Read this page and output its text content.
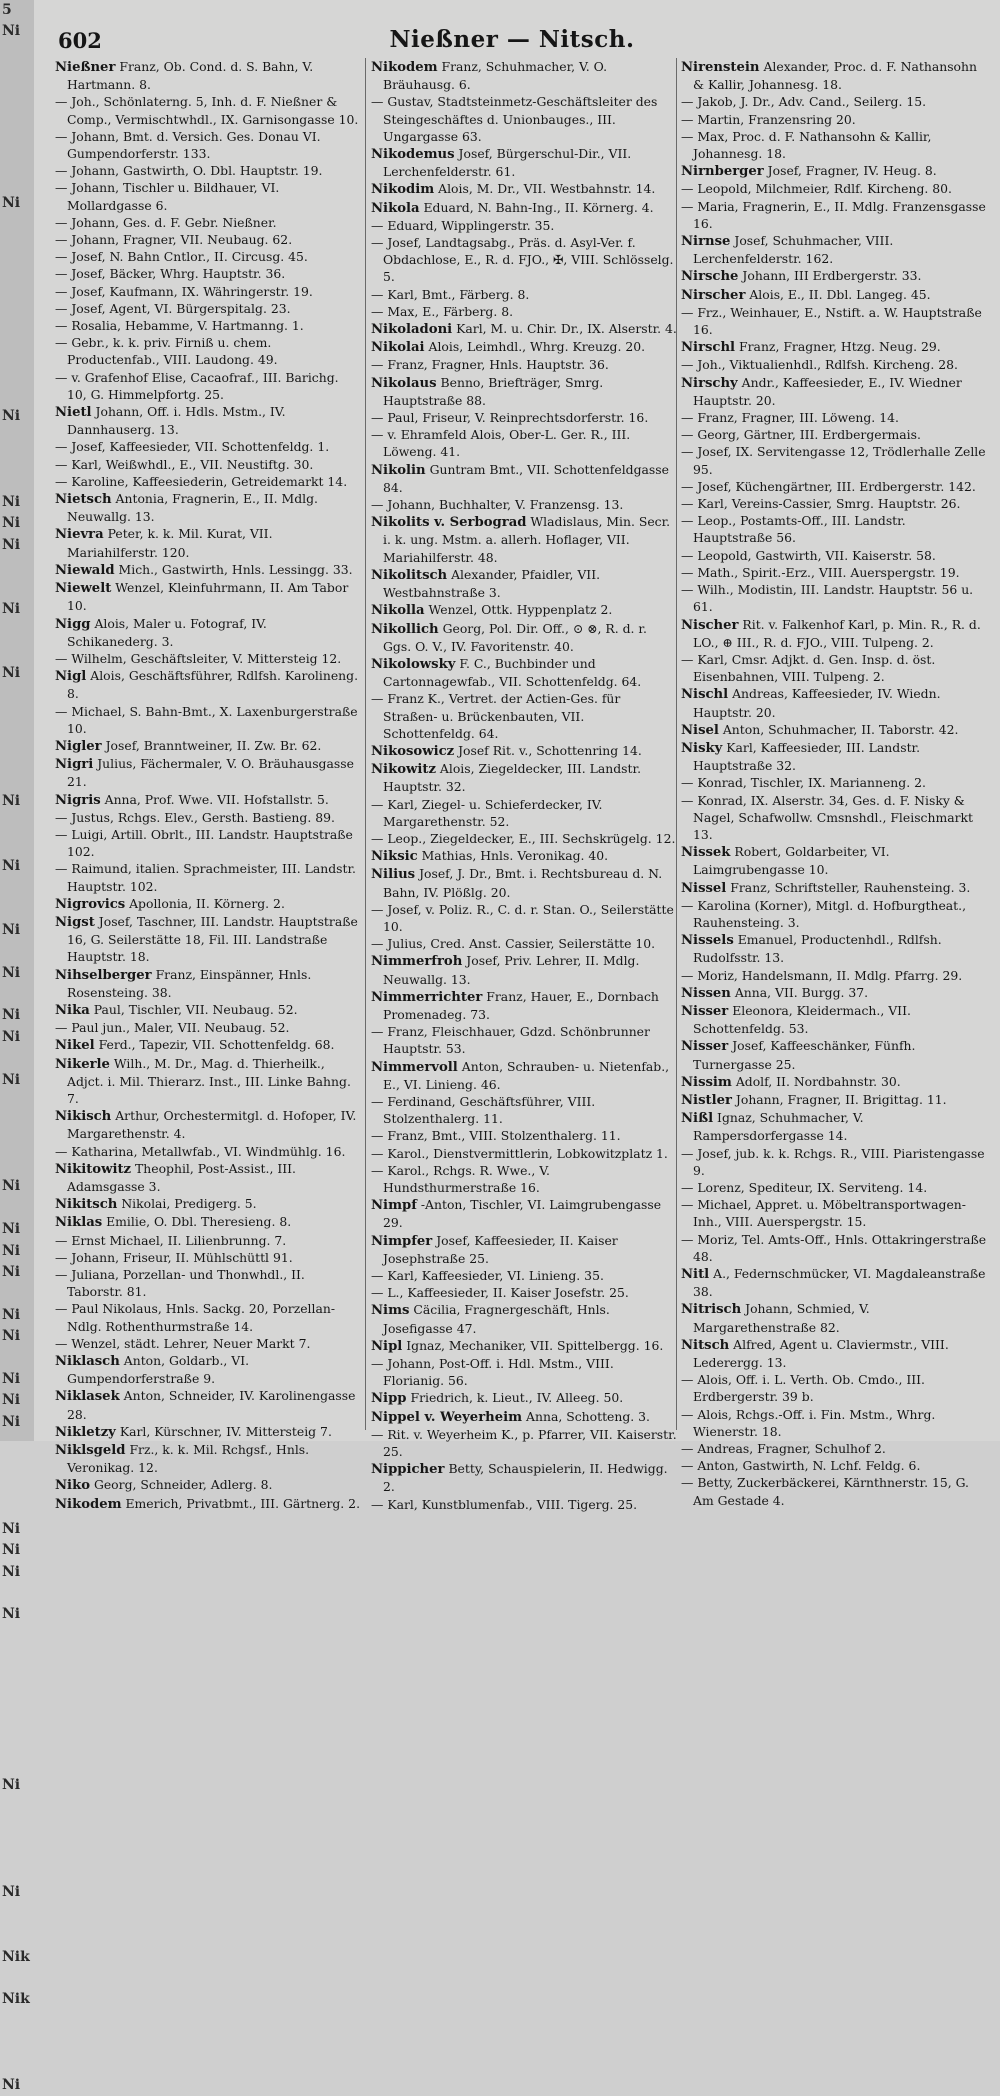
5
Ni
Ni
Ni
Ni
Ni
Ni
Ni
Ni
Ni
Ni
Ni
Ni
Ni
Ni
Ni
Ni
Ni
Ni
Ni
Ni
Ni
Ni
Ni
Ni
Ni
Ni
Ni
Ni
Ni
Ni
Nik
Nik
Ni
602	Nießner — Nitsch.
Nießner Franz, Ob. Cond. d. S. Bahn, V. Hartmann. 8.
— Joh., Schönlaterng. 5, Inh. d. F. Nießner & Comp., Vermischtwhdl., IX. Garnisongasse 10.
— Johann, Bmt. d. Versich. Ges. Donau VI. Gumpendorferstr. 133.
— Johann, Gastwirth, O. Dbl. Hauptstr. 19.
— Johann, Tischler u. Bildhauer, VI. Mollardgasse 6.
— Johann, Ges. d. F. Gebr. Nießner.
— Johann, Fragner, VII. Neubaug. 62.
— Josef, N. Bahn Cntlor., II. Circusg. 45.
— Josef, Bäcker, Whrg. Hauptstr. 36.
— Josef, Kaufmann, IX. Währingerstr. 19.
— Josef, Agent, VI. Bürgerspitalg. 23.
— Rosalia, Hebamme, V. Hartmanng. 1.
— Gebr., k. k. priv. Firniß u. chem. Productenfab., VIII. Laudong. 49.
— v. Grafenhof Elise, Cacaofraf., III. Barichg. 10, G. Himmelpfortg. 25.
Nietl Johann, Off. i. Hdls. Mstm., IV. Dannhauserg. 13.
— Josef, Kaffeesieder, VII. Schottenfeldg. 1.
— Karl, Weißwhdl., E., VII. Neustiftg. 30.
— Karoline, Kaffeesiederin, Getreidemarkt 14.
Nietsch Antonia, Fragnerin, E., II. Mdlg. Neuwallg. 13.
Nievra Peter, k. k. Mil. Kurat, VII. Mariahilferstr. 120.
Niewald Mich., Gastwirth, Hnls. Lessingg. 33.
Niewelt Wenzel, Kleinfuhrmann, II. Am Tabor 10.
Nigg Alois, Maler u. Fotograf, IV. Schikanederg. 3.
— Wilhelm, Geschäftsleiter, V. Mittersteig 12.
Nigl Alois, Geschäftsführer, Rdlfsh. Karolineng. 8.
— Michael, S. Bahn-Bmt., X. Laxenburgerstraße 10.
Nigler Josef, Branntweiner, II. Zw. Br. 62.
Nigri Julius, Fächermaler, V. O. Bräuhausgasse 21.
Nigris Anna, Prof. Wwe. VII. Hofstallstr. 5.
— Justus, Rchgs. Elev., Gersth. Bastieng. 89.
— Luigi, Artill. Obrlt., III. Landstr. Hauptstraße 102.
— Raimund, italien. Sprachmeister, III. Landstr. Hauptstr. 102.
Nigrovics Apollonia, II. Körnerg. 2.
Nigst Josef, Taschner, III. Landstr. Hauptstraße 16, G. Seilerstätte 18, Fil. III. Landstraße Hauptstr. 18.
Nihselberger Franz, Einspänner, Hnls. Rosensteing. 38.
Nika Paul, Tischler, VII. Neubaug. 52.
— Paul jun., Maler, VII. Neubaug. 52.
Nikel Ferd., Tapezir, VII. Schottenfeldg. 68.
Nikerle Wilh., M. Dr., Mag. d. Thierheilk., Adjct. i. Mil. Thierarz. Inst., III. Linke Bahng. 7.
Nikisch Arthur, Orchestermitgl. d. Hofoper, IV. Margarethenstr. 4.
— Katharina, Metallwfab., VI. Windmühlg. 16.
Nikitowitz Theophil, Post-Assist., III. Adamsgasse 3.
Nikitsch Nikolai, Predigerg. 5.
Niklas Emilie, O. Dbl. Theresieng. 8.
— Ernst Michael, II. Lilienbrunng. 7.
— Johann, Friseur, II. Mühlschüttl 91.
— Juliana, Porzellan- und Thonwhdl., II. Taborstr. 81.
— Paul Nikolaus, Hnls. Sackg. 20, Porzellan-Ndlg. Rothenthurmstraße 14.
— Wenzel, städt. Lehrer, Neuer Markt 7.
Niklasch Anton, Goldarb., VI. Gumpendorferstraße 9.
Niklasek Anton, Schneider, IV. Karolinengasse 28.
Nikletzy Karl, Kürschner, IV. Mittersteig 7.
Niklsgeld Frz., k. k. Mil. Rchgsf., Hnls. Veronikag. 12.
Niko Georg, Schneider, Adlerg. 8.
Nikodem Emerich, Privatbmt., III. Gärtnerg. 2.
Nikodem Franz, Schuhmacher, V. O. Bräuhausg. 6.
— Gustav, Stadtsteinmetz-Geschäftsleiter des Steingeschäftes d. Unionbauges., III. Ungargasse 63.
Nikodemus Josef, Bürgerschul-Dir., VII. Lerchenfelderstr. 61.
Nikodim Alois, M. Dr., VII. Westbahnstr. 14.
Nikola Eduard, N. Bahn-Ing., II. Körnerg. 4.
— Eduard, Wipplingerstr. 35.
— Josef, Landtagsabg., Präs. d. Asyl-Ver. f. Obdachlose, E., R. d. FJO., ✠, VIII. Schlösselg. 5.
— Karl, Bmt., Färberg. 8.
— Max, E., Färberg. 8.
Nikoladoni Karl, M. u. Chir. Dr., IX. Alserstr. 4.
Nikolai Alois, Leimhdl., Whrg. Kreuzg. 20.
— Franz, Fragner, Hnls. Hauptstr. 36.
Nikolaus Benno, Briefträger, Smrg. Hauptstraße 88.
— Paul, Friseur, V. Reinprechtsdorferstr. 16.
— v. Ehramfeld Alois, Ober-L. Ger. R., III. Löweng. 41.
Nikolin Guntram Bmt., VII. Schottenfeldgasse 84.
— Johann, Buchhalter, V. Franzensg. 13.
Nikolits v. Serbograd Wladislaus, Min. Secr. i. k. ung. Mstm. a. allerh. Hoflager, VII. Mariahilferstr. 48.
Nikolitsch Alexander, Pfaidler, VII. Westbahnstraße 3.
Nikolla Wenzel, Ottk. Hyppenplatz 2.
Nikollich Georg, Pol. Dir. Off., ⊙ ⊗, R. d. r. Ggs. O. V., IV. Favoritenstr. 40.
Nikolowsky F. C., Buchbinder und Cartonnagewfab., VII. Schottenfeldg. 64.
— Franz K., Vertret. der Actien-Ges. für Straßen- u. Brückenbauten, VII. Schottenfeldg. 64.
Nikosowicz Josef Rit. v., Schottenring 14.
Nikowitz Alois, Ziegeldecker, III. Landstr. Hauptstr. 32.
— Karl, Ziegel- u. Schieferdecker, IV. Margarethenstr. 52.
— Leop., Ziegeldecker, E., III. Sechskrügelg. 12.
Niksic Mathias, Hnls. Veronikag. 40.
Nilius Josef, J. Dr., Bmt. i. Rechtsbureau d. N. Bahn, IV. Plößlg. 20.
— Josef, v. Poliz. R., C. d. r. Stan. O., Seilerstätte 10.
— Julius, Cred. Anst. Cassier, Seilerstätte 10.
Nimmerfroh Josef, Priv. Lehrer, II. Mdlg. Neuwallg. 13.
Nimmerrichter Franz, Hauer, E., Dornbach Promenadeg. 73.
— Franz, Fleischhauer, Gdzd. Schönbrunner Hauptstr. 53.
Nimmervoll Anton, Schrauben- u. Nietenfab., E., VI. Linieng. 46.
— Ferdinand, Geschäftsführer, VIII. Stolzenthalerg. 11.
— Franz, Bmt., VIII. Stolzenthalerg. 11.
— Karol., Dienstvermittlerin, Lobkowitzplatz 1.
— Karol., Rchgs. R. Wwe., V. Hundsthurmerstraße 16.
Nimpf -Anton, Tischler, VI. Laimgrubengasse 29.
Nimpfer Josef, Kaffeesieder, II. Kaiser Josephstraße 25.
— Karl, Kaffeesieder, VI. Linieng. 35.
— L., Kaffeesieder, II. Kaiser Josefstr. 25.
Nims Cäcilia, Fragnergeschäft, Hnls. Josefigasse 47.
Nipl Ignaz, Mechaniker, VII. Spittelbergg. 16.
— Johann, Post-Off. i. Hdl. Mstm., VIII. Florianig. 56.
Nipp Friedrich, k. Lieut., IV. Alleeg. 50.
Nippel v. Weyerheim Anna, Schotteng. 3.
— Rit. v. Weyerheim K., p. Pfarrer, VII. Kaiserstr. 25.
Nippicher Betty, Schauspielerin, II. Hedwigg. 2.
— Karl, Kunstblumenfab., VIII. Tigerg. 25.
Nirenstein Alexander, Proc. d. F. Nathansohn & Kallir, Johannesg. 18.
— Jakob, J. Dr., Adv. Cand., Seilerg. 15.
— Martin, Franzensring 20.
— Max, Proc. d. F. Nathansohn & Kallir, Johannesg. 18.
Nirnberger Josef, Fragner, IV. Heug. 8.
— Leopold, Milchmeier, Rdlf. Kircheng. 80.
— Maria, Fragnerin, E., II. Mdlg. Franzensgasse 16.
Nirnse Josef, Schuhmacher, VIII. Lerchenfelderstr. 162.
Nirsche Johann, III Erdbergerstr. 33.
Nirscher Alois, E., II. Dbl. Langeg. 45.
— Frz., Weinhauer, E., Nstift. a. W. Hauptstraße 16.
Nirschl Franz, Fragner, Htzg. Neug. 29.
— Joh., Viktualienhdl., Rdlfsh. Kircheng. 28.
Nirschy Andr., Kaffeesieder, E., IV. Wiedner Hauptstr. 20.
— Franz, Fragner, III. Löweng. 14.
— Georg, Gärtner, III. Erdbergermais.
— Josef, IX. Servitengasse 12, Trödlerhalle Zelle 95.
— Josef, Küchengärtner, III. Erdbergerstr. 142.
— Karl, Vereins-Cassier, Smrg. Hauptstr. 26.
— Leop., Postamts-Off., III. Landstr. Hauptstraße 56.
— Leopold, Gastwirth, VII. Kaiserstr. 58.
— Math., Spirit.-Erz., VIII. Auerspergstr. 19.
— Wilh., Modistin, III. Landstr. Hauptstr. 56 u. 61.
Nischer Rit. v. Falkenhof Karl, p. Min. R., R. d. LO., ⊕ III., R. d. FJO., VIII. Tulpeng. 2.
— Karl, Cmsr. Adjkt. d. Gen. Insp. d. öst. Eisenbahnen, VIII. Tulpeng. 2.
Nischl Andreas, Kaffeesieder, IV. Wiedn. Hauptstr. 20.
Nisel Anton, Schuhmacher, II. Taborstr. 42.
Nisky Karl, Kaffeesieder, III. Landstr. Hauptstraße 32.
— Konrad, Tischler, IX. Marianneng. 2.
— Konrad, IX. Alserstr. 34, Ges. d. F. Nisky & Nagel, Schafwollw. Cmsnshdl., Fleischmarkt 13.
Nissek Robert, Goldarbeiter, VI. Laimgrubengasse 10.
Nissel Franz, Schriftsteller, Rauhensteing. 3.
— Karolina (Korner), Mitgl. d. Hofburgtheat., Rauhensteing. 3.
Nissels Emanuel, Productenhdl., Rdlfsh. Rudolfsstr. 13.
— Moriz, Handelsmann, II. Mdlg. Pfarrg. 29.
Nissen Anna, VII. Burgg. 37.
Nisser Eleonora, Kleidermach., VII. Schottenfeldg. 53.
Nisser Josef, Kaffeeschänker, Fünfh. Turnergasse 25.
Nissim Adolf, II. Nordbahnstr. 30.
Nistler Johann, Fragner, II. Brigittag. 11.
Nißl Ignaz, Schuhmacher, V. Rampersdorfergasse 14.
— Josef, jub. k. k. Rchgs. R., VIII. Piaristengasse 9.
— Lorenz, Spediteur, IX. Serviteng. 14.
— Michael, Appret. u. Möbeltransportwagen-Inh., VIII. Auerspergstr. 15.
— Moriz, Tel. Amts-Off., Hnls. Ottakringerstraße 48.
Nitl A., Federnschmücker, VI. Magdaleanstraße 38.
Nitrisch Johann, Schmied, V. Margarethenstraße 82.
Nitsch Alfred, Agent u. Claviermstr., VIII. Lederergg. 13.
— Alois, Off. i. L. Verth. Ob. Cmdo., III. Erdbergerstr. 39 b.
— Alois, Rchgs.-Off. i. Fin. Mstm., Whrg. Wienerstr. 18.
— Andreas, Fragner, Schulhof 2.
— Anton, Gastwirth, N. Lchf. Feldg. 6.
— Betty, Zuckerbäckerei, Kärnthnerstr. 15, G. Am Gestade 4.
